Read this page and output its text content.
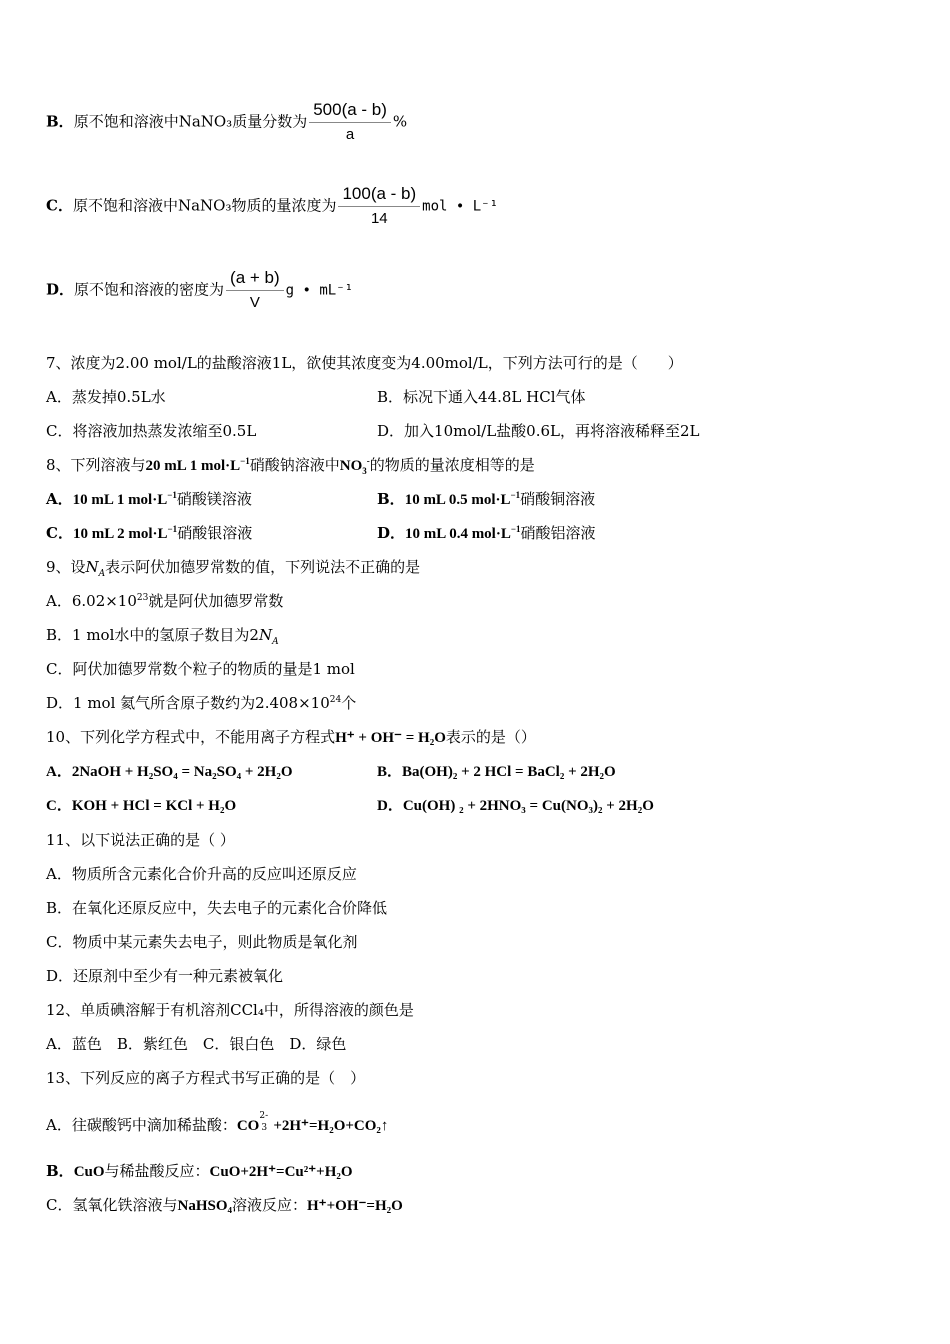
B．原不饱和溶液中NaNO₃质量分数为 $\frac{500(a - b)}{a}$ %
C．原不饱和溶液中NaNO₃物质的量浓度为 $\frac{100(a - b)}{14}$ mol • L⁻¹
D．原不饱和溶液的密度为 $\frac{(a + b)}{V}$ g • mL⁻¹
7、浓度为2.00 mol/L的盐酸溶液1L，欲使其浓度变为4.00mol/L，下列方法可行的是（　　）
A．蒸发掉0.5L水	B．标况下通入44.8L HCl气体
C．将溶液加热蒸发浓缩至0.5L	D．加入10mol/L盐酸0.6L，再将溶液稀释至2L
8、下列溶液与20 mL 1 $mol\cdot L^{-1}$硝酸钠溶液中$NO_3^-$的物质的量浓度相等的是
A．10 mL 1 $mol\cdot L^{-1}$硝酸镁溶液	B．10 mL 0.5 $mol\cdot L^{-1}$硝酸铜溶液
C．10 mL 2 $mol\cdot L^{-1}$硝酸银溶液	D．10 mL 0.4 $mol\cdot L^{-1}$硝酸铝溶液
9、设$N_A$表示阿伏加德罗常数的值，下列说法不正确的是
A．$6.02\times 10^{23}$就是阿伏加德罗常数
B．1 mol水中的氢原子数目为$2N_A$
C．阿伏加德罗常数个粒子的物质的量是1 mol
D．1 mol 氦气所含原子数约为$2.408\times 10^{24}$个
10、下列化学方程式中，不能用离子方程式H⁺ + OH⁻ = H₂O表示的是（）
A．2NaOH + H₂SO₄ = Na₂SO₄ + 2H₂O	B．Ba(OH)₂ + 2 HCl = BaCl₂ + 2H₂O
C．KOH + HCl = KCl + H₂O	D．Cu(OH) ₂ + 2HNO₃ = Cu(NO₃)₂ + 2H₂O
11、以下说法正确的是（ ）
A．物质所含元素化合价升高的反应叫还原反应
B．在氧化还原反应中，失去电子的元素化合价降低
C．物质中某元素失去电子，则此物质是氧化剂
D．还原剂中至少有一种元素被氧化
12、单质碘溶解于有机溶剂CCl₄中，所得溶液的颜色是
A．蓝色　B．紫红色　C．银白色　D．绿色
13、下列反应的离子方程式书写正确的是（　）
A．往碳酸钙中滴加稀盐酸：CO
2-
3 +2H⁺=H₂O+CO₂↑
B．CuO与稀盐酸反应：CuO+2H⁺=Cu²⁺+H₂O
C．氢氧化铁溶液与NaHSO₄溶液反应：H⁺+OH⁻=H₂O
